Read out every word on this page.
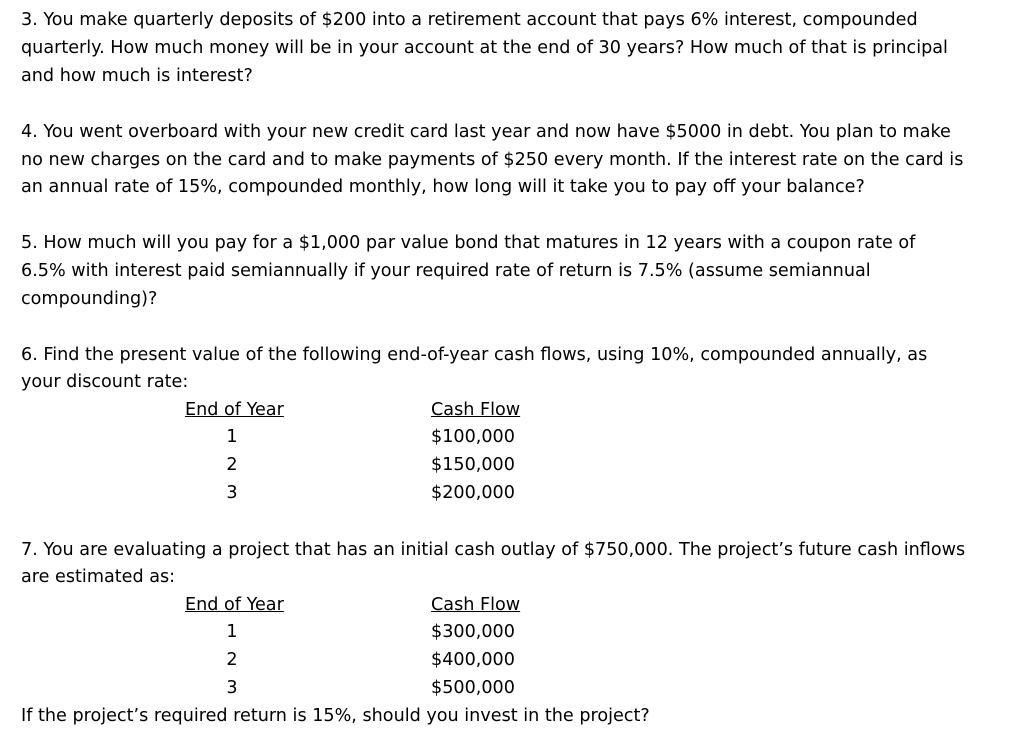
3. You make quarterly deposits of $200 into a retirement account that pays 6% interest, compounded
quarterly. How much money will be in your account at the end of 30 years? How much of that is principal
and how much is interest?
4. You went overboard with your new credit card last year and now have $5000 in debt. You plan to make
no new charges on the card and to make payments of $250 every month. If the interest rate on the card is
an annual rate of 15%, compounded monthly, how long will it take you to pay off your balance?
5. How much will you pay for a $1,000 par value bond that matures in 12 years with a coupon rate of
6.5% with interest paid semiannually if your required rate of return is 7.5% (assume semiannual
compounding)?
6. Find the present value of the following end-of-year cash flows, using 10%, compounded annually, as
your discount rate:
End of Year	Cash Flow
1	$100,000
2	$150,000
3	$200,000
7. You are evaluating a project that has an initial cash outlay of $750,000. The project’s future cash inflows
are estimated as:
End of Year	Cash Flow
1	$300,000
2	$400,000
3	$500,000
If the project’s required return is 15%, should you invest in the project?
